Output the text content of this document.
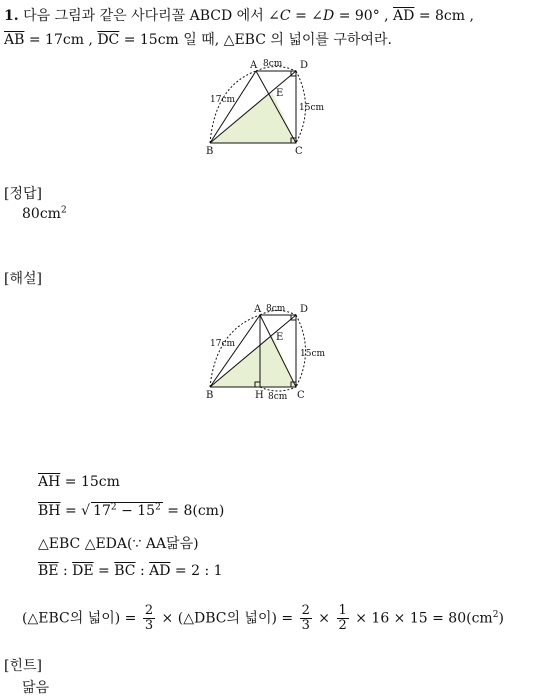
1. 다음 그림과 같은 사다리꼴 ABCD 에서 ∠C = ∠D = 90° , $\overline{AD} = 8cm$ ,
$\overline{AB} = 17cm$ , $\overline{DC} = 15cm$ 일 때, △EBC 의 넓이를 구하여라.
A	D
B	C
E
8cm
17cm
15cm
[정답]
$80cm^2$
[해설]
A	D
B	C
E
H
8cm
17cm
15cm
8cm
$\overline{AH} = 15cm$
$\overline{BH}$ = √ $17^2 - 15^2 = 8(cm)$
△EBC △EDA(∵ AA닮음)
$\overline{BE}$ : $\overline{DE} = \overline{BC}$ : $\overline{AD} = 2$ : 1
(△EBC의 넓이) = $\frac{2}{3}$ × (△DBC의 넓이) = $\frac{2}{3} \times \frac{1}{2} \times 16 \times 15 = 80(cm^2)$
[힌트]
닮음
